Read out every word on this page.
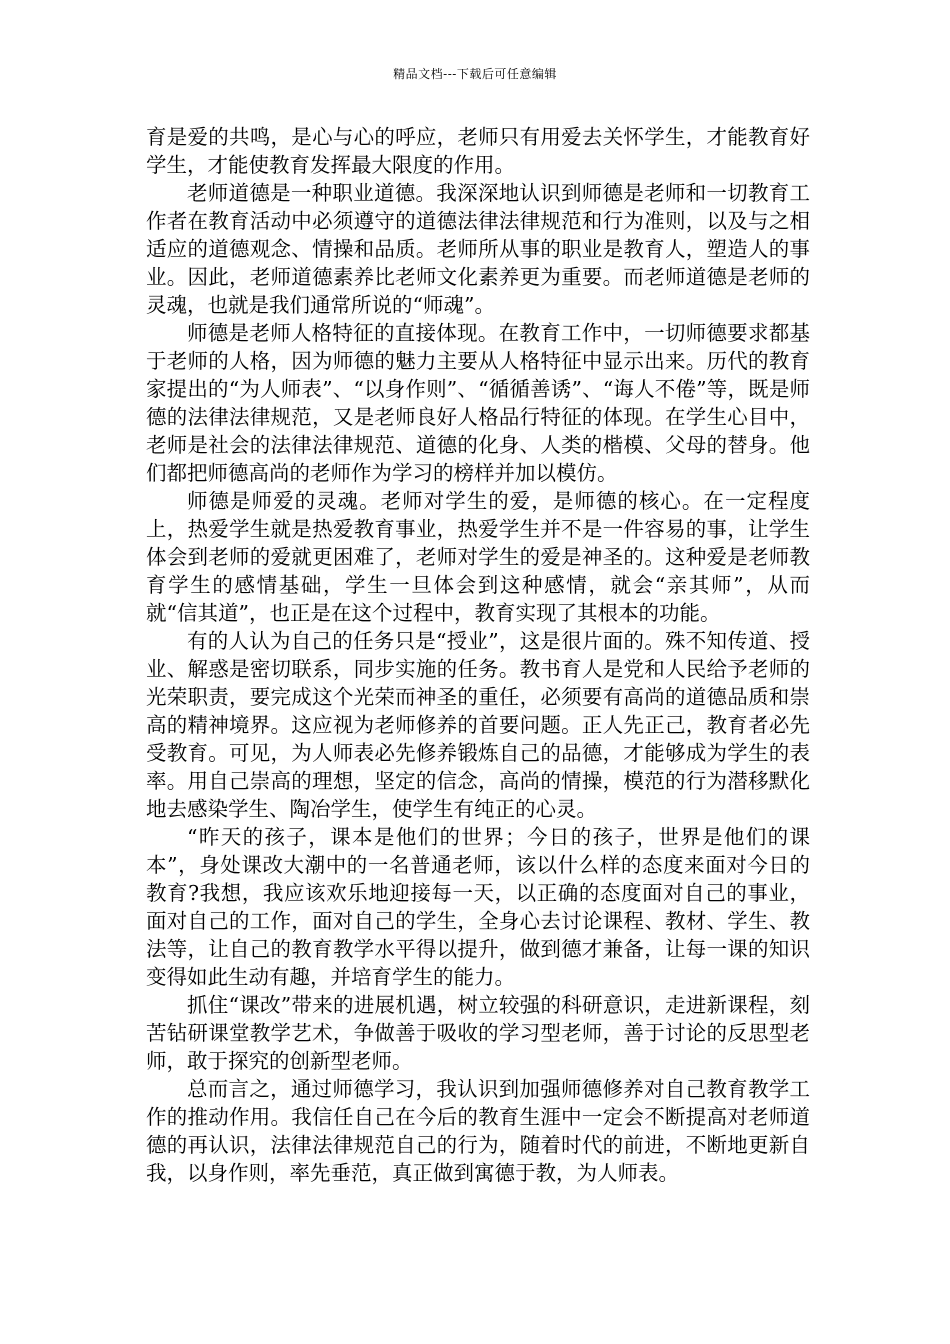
精品文档---下载后可任意编辑

育是爱的共鸣，是心与心的呼应，老师只有用爱去关怀学生，才能教育好学生，才能使教育发挥最大限度的作用。

老师道德是一种职业道德。我深深地认识到师德是老师和一切教育工作者在教育活动中必须遵守的道德法律法律规范和行为准则，以及与之相适应的道德观念、情操和品质。老师所从事的职业是教育人，塑造人的事业。因此，老师道德素养比老师文化素养更为重要。而老师道德是老师的灵魂，也就是我们通常所说的“师魂”。

师德是老师人格特征的直接体现。在教育工作中，一切师德要求都基于老师的人格，因为师德的魅力主要从人格特征中显示出来。历代的教育家提出的“为人师表”、“以身作则”、“循循善诱”、“诲人不倦”等，既是师德的法律法律规范，又是老师良好人格品行特征的体现。在学生心目中，老师是社会的法律法律规范、道德的化身、人类的楷模、父母的替身。他们都把师德高尚的老师作为学习的榜样并加以模仿。

师德是师爱的灵魂。老师对学生的爱，是师德的核心。在一定程度上，热爱学生就是热爱教育事业，热爱学生并不是一件容易的事，让学生体会到老师的爱就更困难了，老师对学生的爱是神圣的。这种爱是老师教育学生的感情基础，学生一旦体会到这种感情，就会“亲其师”，从而就“信其道”，也正是在这个过程中，教育实现了其根本的功能。

有的人认为自己的任务只是“授业”，这是很片面的。殊不知传道、授业、解惑是密切联系，同步实施的任务。教书育人是党和人民给予老师的光荣职责，要完成这个光荣而神圣的重任，必须要有高尚的道德品质和崇高的精神境界。这应视为老师修养的首要问题。正人先正己，教育者必先受教育。可见，为人师表必先修养锻炼自己的品德，才能够成为学生的表率。用自己崇高的理想，坚定的信念，高尚的情操，模范的行为潜移默化地去感染学生、陶冶学生，使学生有纯正的心灵。

“昨天的孩子，课本是他们的世界；今日的孩子，世界是他们的课本”，身处课改大潮中的一名普通老师，该以什么样的态度来面对今日的教育?我想，我应该欢乐地迎接每一天，以正确的态度面对自己的事业，面对自己的工作，面对自己的学生，全身心去讨论课程、教材、学生、教法等，让自己的教育教学水平得以提升，做到德才兼备，让每一课的知识变得如此生动有趣，并培育学生的能力。

抓住“课改”带来的进展机遇，树立较强的科研意识，走进新课程，刻苦钻研课堂教学艺术，争做善于吸收的学习型老师，善于讨论的反思型老师，敢于探究的创新型老师。

总而言之，通过师德学习，我认识到加强师德修养对自己教育教学工作的推动作用。我信任自己在今后的教育生涯中一定会不断提高对老师道德的再认识，法律法律规范自己的行为，随着时代的前进，不断地更新自我，以身作则，率先垂范，真正做到寓德于教，为人师表。
